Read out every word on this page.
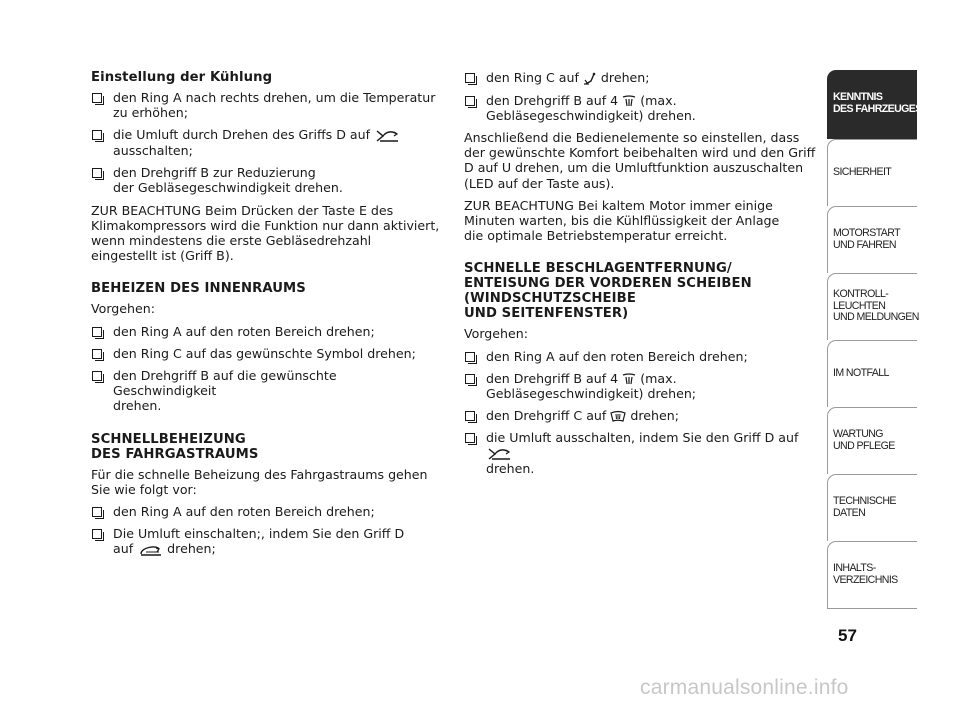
Einstellung der Kühlung
den Ring A nach rechts drehen, um die Temperatur zu erhöhen;
die Umluft durch Drehen des Griffs D auf
ausschalten;
den Drehgriff B zur Reduzierung
der Gebläsegeschwindigkeit drehen.

ZUR BEACHTUNG Beim Drücken der Taste E des Klimakompressors wird die Funktion nur dann aktiviert, wenn mindestens die erste Gebläsedrehzahl eingestellt ist (Griff B).

BEHEIZEN DES INNENRAUMS

Vorgehen:

den Ring A auf den roten Bereich drehen;
den Ring C auf das gewünschte Symbol drehen;
den Drehgriff B auf die gewünschte Geschwindigkeit
drehen.
SCHNELLBEHEIZUNG
DES FAHRGASTRAUMS

Für die schnelle Beheizung des Fahrgastraums gehen Sie wie folgt vor:

den Ring A auf den roten Bereich drehen;
Die Umluft einschalten;, indem Sie den Griff D
auf	drehen;
den Ring C auf drehen;
den Drehgriff B auf 4 (max.
Gebläsegeschwindigkeit) drehen.

Anschließend die Bedienelemente so einstellen, dass der gewünschte Komfort beibehalten wird und den Griff D auf U drehen, um die Umluftfunktion auszuschalten (LED auf der Taste aus).

ZUR BEACHTUNG Bei kaltem Motor immer einige
Minuten warten, bis die Kühlflüssigkeit der Anlage
die optimale Betriebstemperatur erreicht.

SCHNELLE BESCHLAGENTFERNUNG/
ENTEISUNG DER VORDEREN SCHEIBEN
(WINDSCHUTZSCHEIBE
UND SEITENFENSTER)

Vorgehen:

den Ring A auf den roten Bereich drehen;
den Drehgriff B auf 4 (max.
Gebläsegeschwindigkeit) drehen;
den Drehgriff C auf drehen;
die Umluft ausschalten, indem Sie den Griff D auf
drehen.
KENNTNIS
DES FAHRZEUGES
SICHERHEIT
MOTORSTART
UND FAHREN
KONTROLL-
LEUCHTEN
UND MELDUNGEN
IM NOTFALL
WARTUNG
UND PFLEGE
TECHNISCHE
DATEN
INHALTS-
VERZEICHNIS
57
carmanualsonline.info
